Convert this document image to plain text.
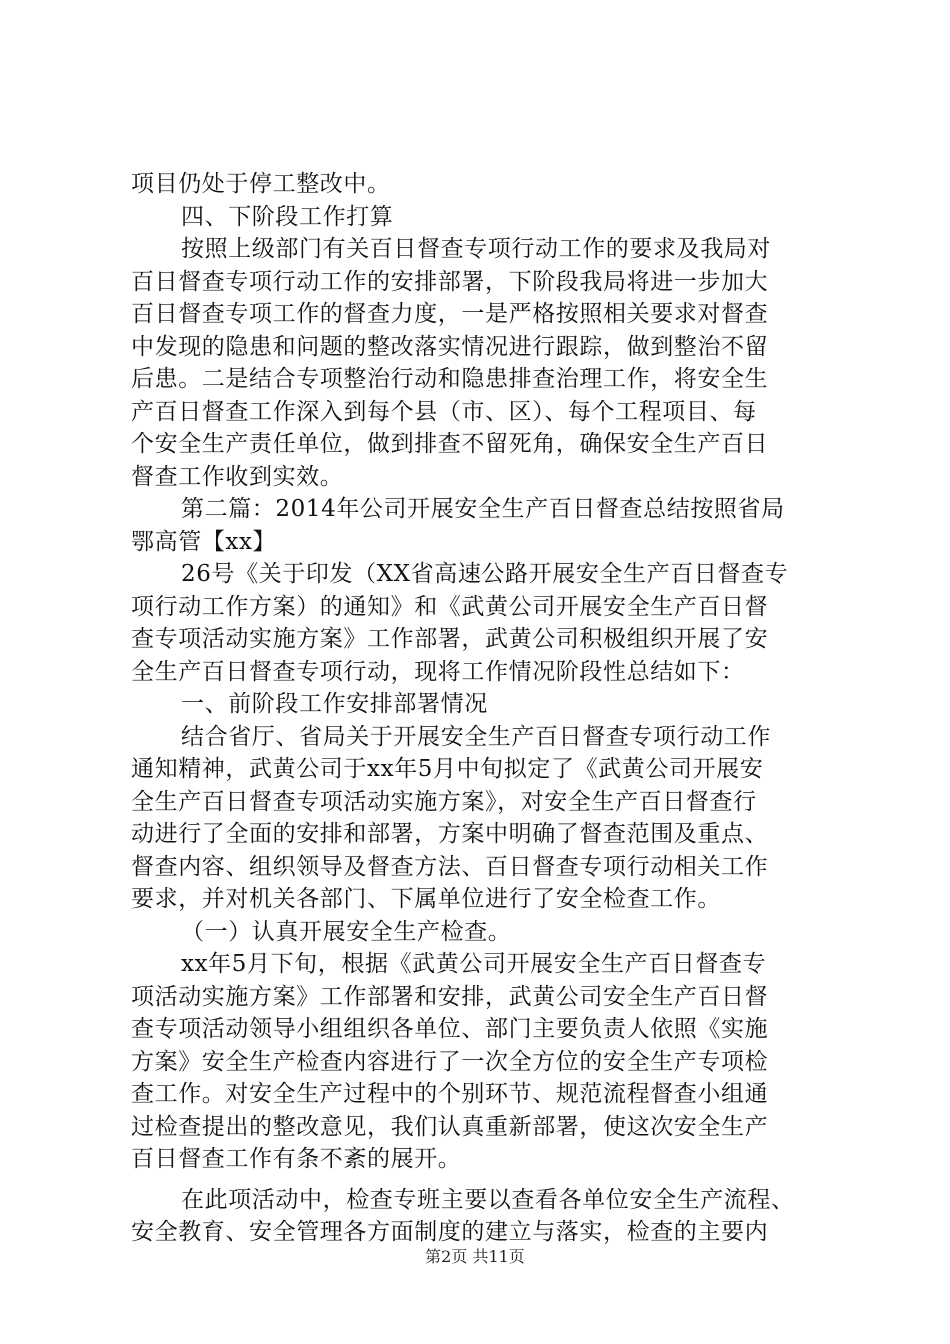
项目仍处于停工整改中。
四、下阶段工作打算
按照上级部门有关百日督查专项行动工作的要求及我局对
百日督查专项行动工作的安排部署，下阶段我局将进一步加大
百日督查专项工作的督查力度，一是严格按照相关要求对督查
中发现的隐患和问题的整改落实情况进行跟踪，做到整治不留
后患。二是结合专项整治行动和隐患排查治理工作，将安全生
产百日督查工作深入到每个县（市、区）、每个工程项目、每
个安全生产责任单位，做到排查不留死角，确保安全生产百日
督查工作收到实效。
第二篇：2014年公司开展安全生产百日督查总结按照省局
鄂高管【xx】
26号《关于印发（XX省高速公路开展安全生产百日督查专
项行动工作方案）的通知》和《武黄公司开展安全生产百日督
查专项活动实施方案》工作部署，武黄公司积极组织开展了安
全生产百日督查专项行动，现将工作情况阶段性总结如下：
一、前阶段工作安排部署情况
结合省厅、省局关于开展安全生产百日督查专项行动工作
通知精神，武黄公司于xx年5月中旬拟定了《武黄公司开展安
全生产百日督查专项活动实施方案》，对安全生产百日督查行
动进行了全面的安排和部署，方案中明确了督查范围及重点、
督查内容、组织领导及督查方法、百日督查专项行动相关工作
要求，并对机关各部门、下属单位进行了安全检查工作。
（一）认真开展安全生产检查。
xx年5月下旬，根据《武黄公司开展安全生产百日督查专
项活动实施方案》工作部署和安排，武黄公司安全生产百日督
查专项活动领导小组组织各单位、部门主要负责人依照《实施
方案》安全生产检查内容进行了一次全方位的安全生产专项检
查工作。对安全生产过程中的个别环节、规范流程督查小组通
过检查提出的整改意见，我们认真重新部署，使这次安全生产
百日督查工作有条不紊的展开。
在此项活动中，检查专班主要以查看各单位安全生产流程、
安全教育、安全管理各方面制度的建立与落实，检查的主要内
第2页 共11页
